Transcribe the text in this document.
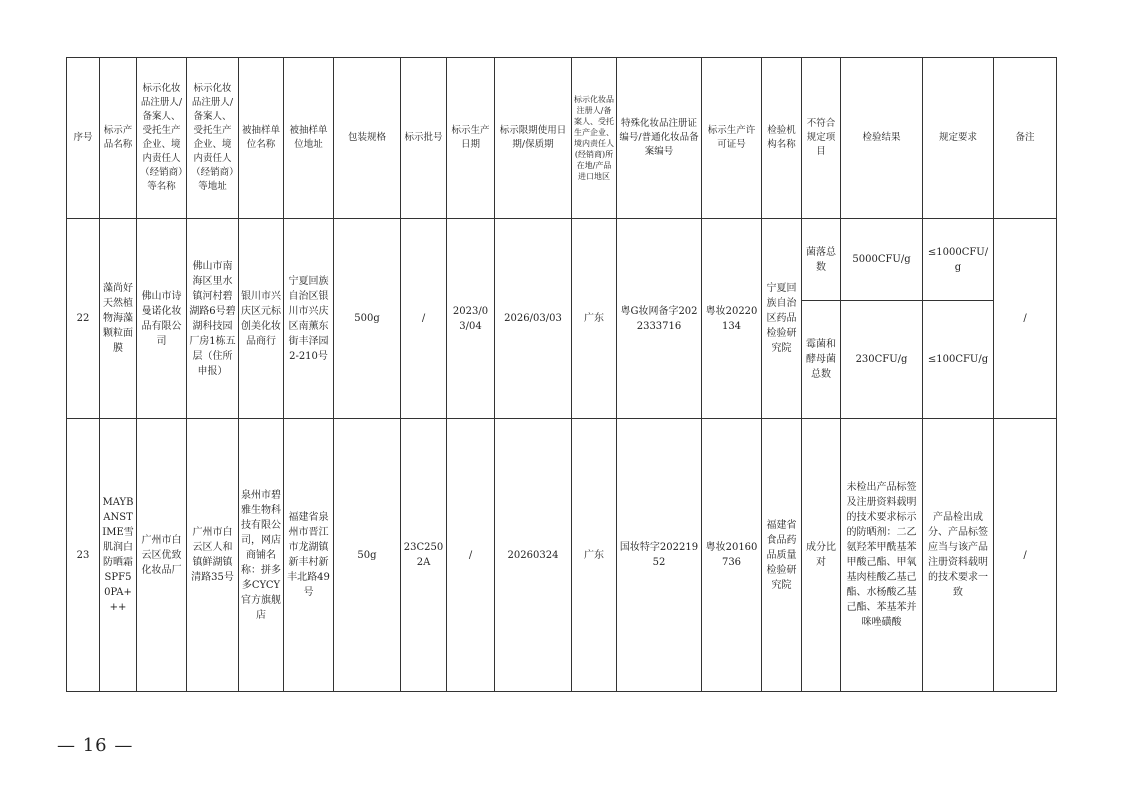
序号	标示产品名称	标示化妆品注册人/备案人、受托生产企业、境内责任人（经销商）等名称	标示化妆品注册人/备案人、受托生产企业、境内责任人（经销商）等地址	被抽样单位名称	被抽样单位地址	包装规格	标示批号	标示生产日期	标示限期使用日期/保质期	标示化妆品注册人/备案人、受托生产企业、境内责任人(经销商)所在地/产品进口地区	特殊化妆品注册证编号/普通化妆品备案编号	标示生产许可证号	检验机构名称	不符合规定项目	检验结果	规定要求	备注
22	藻尚好天然植物海藻颗粒面膜	佛山市诗曼诺化妆品有限公司	佛山市南海区里水镇河村碧湖路6号碧湖科技园厂房1栋五层（住所申报）	银川市兴庆区元标创美化妆品商行	宁夏回族自治区银川市兴庆区南薰东街丰泽园2-210号	500g	/	2023/03/04	2026/03/03	广东	粤G妆网备字2022333716	粤妆20220134	宁夏回族自治区药品检验研究院	菌落总数	5000CFU/g	≤1000CFU/g	/
														霉菌和酵母菌总数	230CFU/g	≤100CFU/g	
23	MAYBANSTIME雪肌润白防晒霜SPF50PA+++	广州市白云区优致化妆品厂	广州市白云区人和镇鲜湖镇清路35号	泉州市碧雅生物科技有限公司，网店商铺名称：拼多多CYCY官方旗舰店	福建省泉州市晋江市龙湖镇新丰村新丰北路49号	50g	23C2502A	/	20260324	广东	国妆特字20221952	粤妆20160736	福建省食品药品质量检验研究院	成分比对	未检出产品标签及注册资料载明的技术要求标示的防晒剂：二乙氨羟苯甲酰基苯甲酸己酯、甲氧基肉桂酸乙基己酯、水杨酸乙基己酯、苯基苯并咪唑磺酸	产品检出成分、产品标签应当与该产品注册资料载明的技术要求一致	/
— 16 —
